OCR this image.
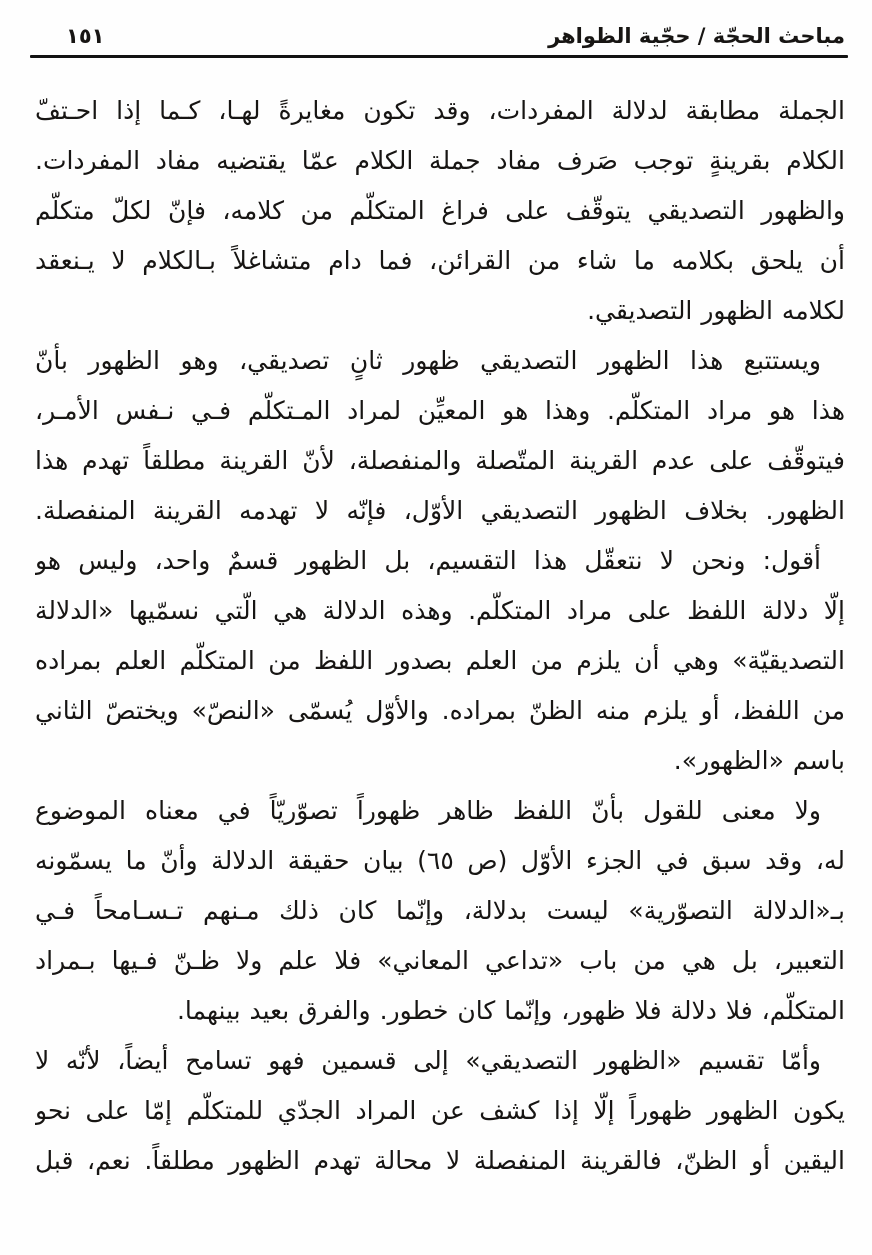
مباحث الحجّة / حجّية الظواهر
١٥١
الجملة مطابقة لدلالة المفردات، وقد تكون مغايرةً لهـا، كـما إذا احـتفّ
الكلام بقرينةٍ توجب صَرف مفاد جملة الكلام عمّا يقتضيه مفاد المفردات.
والظهور التصديقي يتوقّف على فراغ المتكلّم من كلامه، فإنّ لكلّ متكلّم
أن يلحق بكلامه ما شاء من القرائن، فما دام متشاغلاً بـالكلام لا يـنعقد
لكلامه الظهور التصديقي.
ويستتبع هذا الظهور التصديقي ظهور ثانٍ تصديقي، وهو الظهور بأنّ
هذا هو مراد المتكلّم. وهذا هو المعيِّن لمراد المـتكلّم فـي نـفس الأمـر،
فيتوقّف على عدم القرينة المتّصلة والمنفصلة، لأنّ القرينة مطلقاً تهدم هذا
الظهور. بخلاف الظهور التصديقي الأوّل، فإنّه لا تهدمه القرينة المنفصلة.
أقول: ونحن لا نتعقّل هذا التقسيم، بل الظهور قسمٌ واحد، وليس هو
إلّا دلالة اللفظ على مراد المتكلّم. وهذه الدلالة هي الّتي نسمّيها «الدلالة
التصديقيّة» وهي أن يلزم من العلم بصدور اللفظ من المتكلّم العلم بمراده
من اللفظ، أو يلزم منه الظنّ بمراده. والأوّل يُسمّى «النصّ» ويختصّ الثاني
باسم «الظهور».
ولا معنى للقول بأنّ اللفظ ظاهر ظهوراً تصوّريّاً في معناه الموضوع
له، وقد سبق في الجزء الأوّل (ص ٦٥) بيان حقيقة الدلالة وأنّ ما يسمّونه
بـ«الدلالة التصوّرية» ليست بدلالة، وإنّما كان ذلك مـنهم تـسـامحاً فـي
التعبير، بل هي من باب «تداعي المعاني» فلا علم ولا ظـنّ فـيها بـمراد
المتكلّم، فلا دلالة فلا ظهور، وإنّما كان خطور. والفرق بعيد بينهما.
وأمّا تقسيم «الظهور التصديقي» إلى قسمين فهو تسامح أيضاً، لأنّه لا
يكون الظهور ظهوراً إلّا إذا كشف عن المراد الجدّي للمتكلّم إمّا على نحو
اليقين أو الظنّ، فالقرينة المنفصلة لا محالة تهدم الظهور مطلقاً. نعم، قبل
